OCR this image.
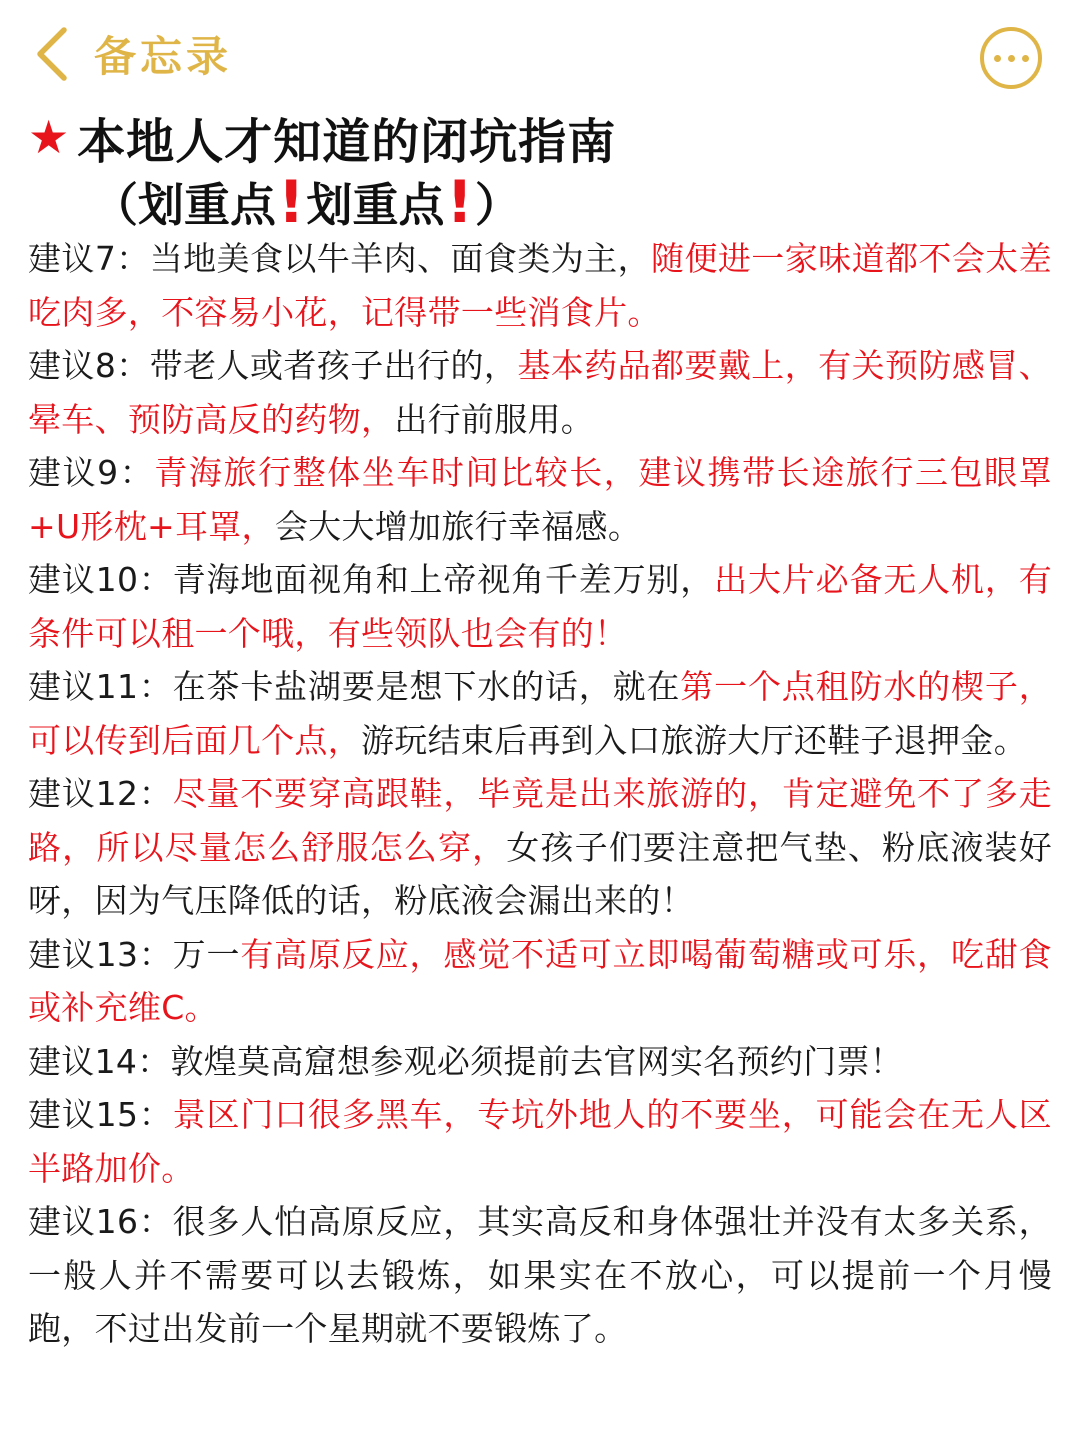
备忘录
★ 本地人才知道的闭坑指南
（ 划重点 ! 划重点 ! ）
建议7：当地美食以牛羊肉、面食类为主，随便进一家味道都不会太差吃肉多，不容易小花，记得带一些消食片。
建议8：带老人或者孩子出行的，基本药品都要戴上，有关预防感冒、晕车、预防高反的药物，出行前服用。
建议9：青海旅行整体坐车时间比较长，建议携带长途旅行三包眼罩+U形枕+耳罩，会大大增加旅行幸福感。
建议10：青海地面视角和上帝视角千差万别，出大片必备无人机，有条件可以租一个哦，有些领队也会有的！
建议11：在茶卡盐湖要是想下水的话，就在第一个点租防水的楔子，可以传到后面几个点，游玩结束后再到入口旅游大厅还鞋子退押金。
建议12：尽量不要穿高跟鞋，毕竟是出来旅游的，肯定避免不了多走路，所以尽量怎么舒服怎么穿，女孩子们要注意把气垫、粉底液装好呀，因为气压降低的话，粉底液会漏出来的！
建议13：万一有高原反应，感觉不适可立即喝葡萄糖或可乐，吃甜食或补充维C。
建议14：敦煌莫高窟想参观必须提前去官网实名预约门票！
建议15：景区门口很多黑车，专坑外地人的不要坐，可能会在无人区半路加价。
建议16：很多人怕高原反应，其实高反和身体强壮并没有太多关系，一般人并不需要可以去锻炼，如果实在不放心，可以提前一个月慢跑，不过出发前一个星期就不要锻炼了。
